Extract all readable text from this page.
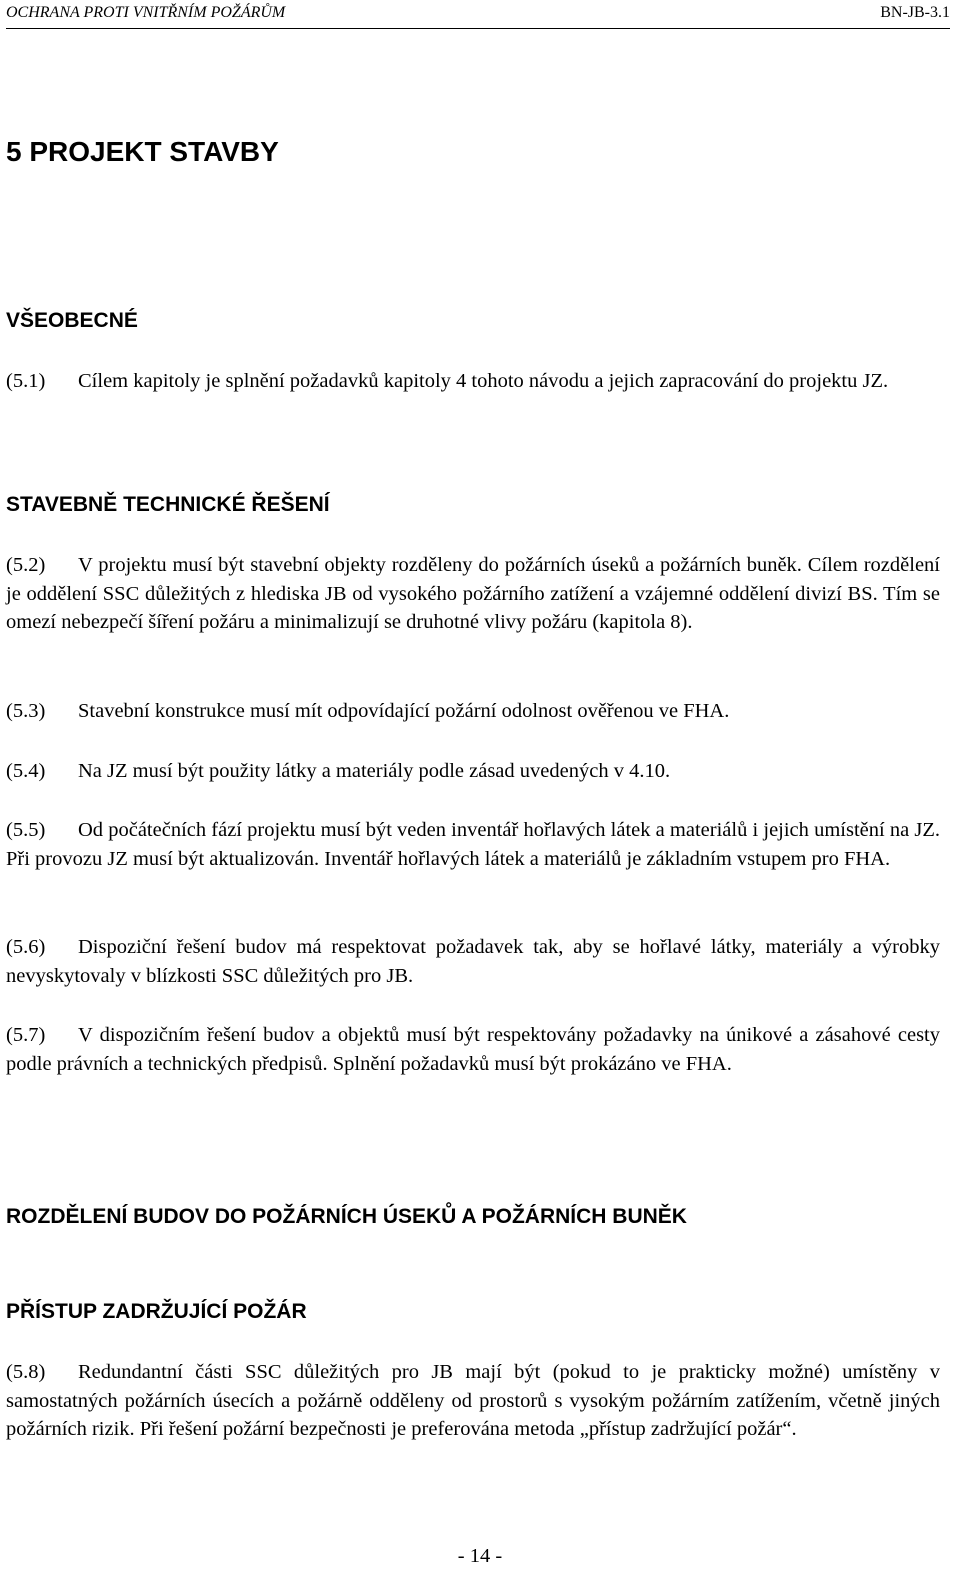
OCHRANA PROTI VNITŘNÍM POŽÁRŮM	BN-JB-3.1
5 PROJEKT STAVBY
VŠEOBECNÉ

(5.1) Cílem kapitoly je splnění požadavků kapitoly 4 tohoto návodu a jejich zapracování do projektu JZ.

STAVEBNĚ TECHNICKÉ ŘEŠENÍ

(5.2) V projektu musí být stavební objekty rozděleny do požárních úseků a požárních buněk. Cílem rozdělení je oddělení SSC důležitých z hlediska JB od vysokého požárního zatížení a vzájemné oddělení divizí BS. Tím se omezí nebezpečí šíření požáru a minimalizují se druhotné vlivy požáru (kapitola 8).

(5.3) Stavební konstrukce musí mít odpovídající požární odolnost ověřenou ve FHA.

(5.4) Na JZ musí být použity látky a materiály podle zásad uvedených v 4.10.

(5.5) Od počátečních fází projektu musí být veden inventář hořlavých látek a materiálů i jejich umístění na JZ. Při provozu JZ musí být aktualizován. Inventář hořlavých látek a materiálů je základním vstupem pro FHA.

(5.6) Dispoziční řešení budov má respektovat požadavek tak, aby se hořlavé látky, materiály a výrobky nevyskytovaly v blízkosti SSC důležitých pro JB.

(5.7) V dispozičním řešení budov a objektů musí být respektovány požadavky na únikové a zásahové cesty podle právních a technických předpisů. Splnění požadavků musí být prokázáno ve FHA.

ROZDĚLENÍ BUDOV DO POŽÁRNÍCH ÚSEKŮ A POŽÁRNÍCH BUNĚK
PŘÍSTUP ZADRŽUJÍCÍ POŽÁR

(5.8) Redundantní části SSC důležitých pro JB mají být (pokud to je prakticky možné) umístěny v samostatných požárních úsecích a požárně odděleny od prostorů s vysokým požárním zatížením, včetně jiných požárních rizik. Při řešení požární bezpečnosti je preferována metoda „přístup zadržující požár“.

- 14 -
